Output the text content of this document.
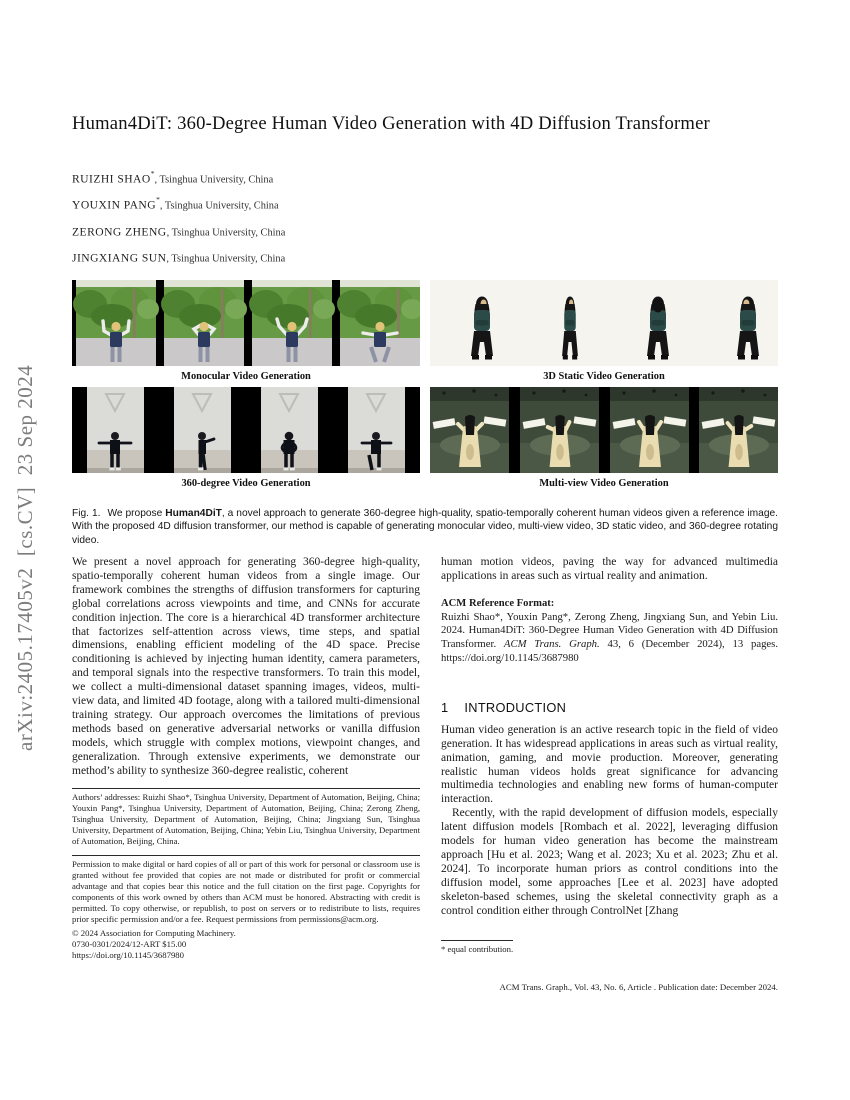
arXiv:2405.17405v2  [cs.CV]  23 Sep 2024
Human4DiT: 360-Degree Human Video Generation with 4D Diffusion Transformer
RUIZHI SHAO*, Tsinghua University, China
YOUXIN PANG*, Tsinghua University, China
ZERONG ZHENG, Tsinghua University, China
JINGXIANG SUN, Tsinghua University, China
Monocular Video Generation	3D Static Video Generation
360-degree Video Generation	Multi-view Video Generation
Fig. 1. We propose Human4DiT, a novel approach to generate 360-degree high-quality, spatio-temporally coherent human videos given a reference image. With the proposed 4D diffusion transformer, our method is capable of generating monocular video, multi-view video, 3D static video, and 360-degree rotating video.

We present a novel approach for generating 360-degree high-quality, spatio-temporally coherent human videos from a single image. Our framework combines the strengths of diffusion transformers for capturing global correlations across viewpoints and time, and CNNs for accurate condition injection. The core is a hierarchical 4D transformer architecture that factorizes self-attention across views, time steps, and spatial dimensions, enabling efficient modeling of the 4D space. Precise conditioning is achieved by injecting human identity, camera parameters, and temporal signals into the respective transformers. To train this model, we collect a multi-dimensional dataset spanning images, videos, multi-view data, and limited 4D footage, along with a tailored multi-dimensional training strategy. Our approach overcomes the limitations of previous methods based on generative adversarial networks or vanilla diffusion models, which struggle with complex motions, viewpoint changes, and generalization. Through extensive experiments, we demonstrate our method’s ability to synthesize 360-degree realistic, coherent

Authors’ addresses: Ruizhi Shao*, Tsinghua University, Department of Automation, Beijing, China; Youxin Pang*, Tsinghua University, Department of Automation, Beijing, China; Zerong Zheng, Tsinghua University, Department of Automation, Beijing, China; Jingxiang Sun, Tsinghua University, Department of Automation, Beijing, China; Yebin Liu, Tsinghua University, Department of Automation, Beijing, China.

Permission to make digital or hard copies of all or part of this work for personal or classroom use is granted without fee provided that copies are not made or distributed for profit or commercial advantage and that copies bear this notice and the full citation on the first page. Copyrights for components of this work owned by others than ACM must be honored. Abstracting with credit is permitted. To copy otherwise, or republish, to post on servers or to redistribute to lists, requires prior specific permission and/or a fee. Request permissions from permissions@acm.org.

© 2024 Association for Computing Machinery.
0730-0301/2024/12-ART $15.00
https://doi.org/10.1145/3687980

human motion videos, paving the way for advanced multimedia applications in areas such as virtual reality and animation.

ACM Reference Format:

Ruizhi Shao*, Youxin Pang*, Zerong Zheng, Jingxiang Sun, and Yebin Liu. 2024. Human4DiT: 360-Degree Human Video Generation with 4D Diffusion Transformer. ACM Trans. Graph. 43, 6 (December 2024), 13 pages. https://doi.org/10.1145/3687980

1 INTRODUCTION

Human video generation is an active research topic in the field of video generation. It has widespread applications in areas such as virtual reality, animation, gaming, and movie production. Moreover, generating realistic human videos holds great significance for advancing multimedia technologies and enabling new forms of human-computer interaction.

Recently, with the rapid development of diffusion models, especially latent diffusion models [Rombach et al. 2022], leveraging diffusion models for human video generation has become the mainstream approach [Hu et al. 2023; Wang et al. 2023; Xu et al. 2023; Zhu et al. 2024]. To incorporate human priors as control conditions into the diffusion model, some approaches [Lee et al. 2023] have adopted skeleton-based schemes, using the skeletal connectivity graph as a control condition either through ControlNet [Zhang

* equal contribution.
ACM Trans. Graph., Vol. 43, No. 6, Article . Publication date: December 2024.
